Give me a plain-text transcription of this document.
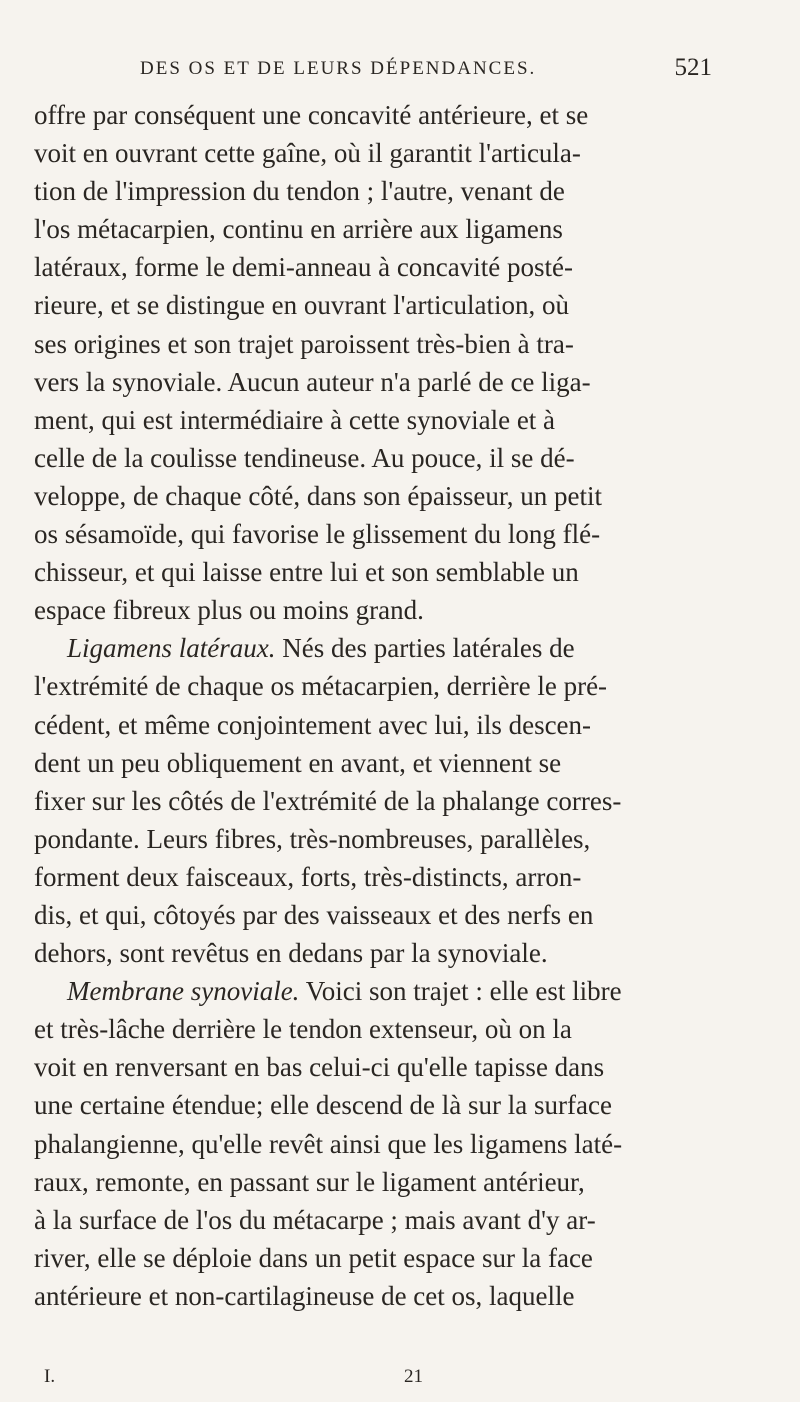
DES OS ET DE LEURS DÉPENDANCES.	521
offre par conséquent une concavité antérieure, et se
voit en ouvrant cette gaîne, où il garantit l'articula-
tion de l'impression du tendon ; l'autre, venant de
l'os métacarpien, continu en arrière aux ligamens
latéraux, forme le demi-anneau à concavité posté-
rieure, et se distingue en ouvrant l'articulation, où
ses origines et son trajet paroissent très-bien à tra-
vers la synoviale. Aucun auteur n'a parlé de ce liga-
ment, qui est intermédiaire à cette synoviale et à
celle de la coulisse tendineuse. Au pouce, il se dé-
veloppe, de chaque côté, dans son épaisseur, un petit
os sésamoïde, qui favorise le glissement du long flé-
chisseur, et qui laisse entre lui et son semblable un
espace fibreux plus ou moins grand.
Ligamens latéraux. Nés des parties latérales de
l'extrémité de chaque os métacarpien, derrière le pré-
cédent, et même conjointement avec lui, ils descen-
dent un peu obliquement en avant, et viennent se
fixer sur les côtés de l'extrémité de la phalange corres-
pondante. Leurs fibres, très-nombreuses, parallèles,
forment deux faisceaux, forts, très-distincts, arron-
dis, et qui, côtoyés par des vaisseaux et des nerfs en
dehors, sont revêtus en dedans par la synoviale.
Membrane synoviale. Voici son trajet : elle est libre
et très-lâche derrière le tendon extenseur, où on la
voit en renversant en bas celui-ci qu'elle tapisse dans
une certaine étendue; elle descend de là sur la surface
phalangienne, qu'elle revêt ainsi que les ligamens laté-
raux, remonte, en passant sur le ligament antérieur,
à la surface de l'os du métacarpe ; mais avant d'y ar-
river, elle se déploie dans un petit espace sur la face
antérieure et non-cartilagineuse de cet os, laquelle
I.	21
